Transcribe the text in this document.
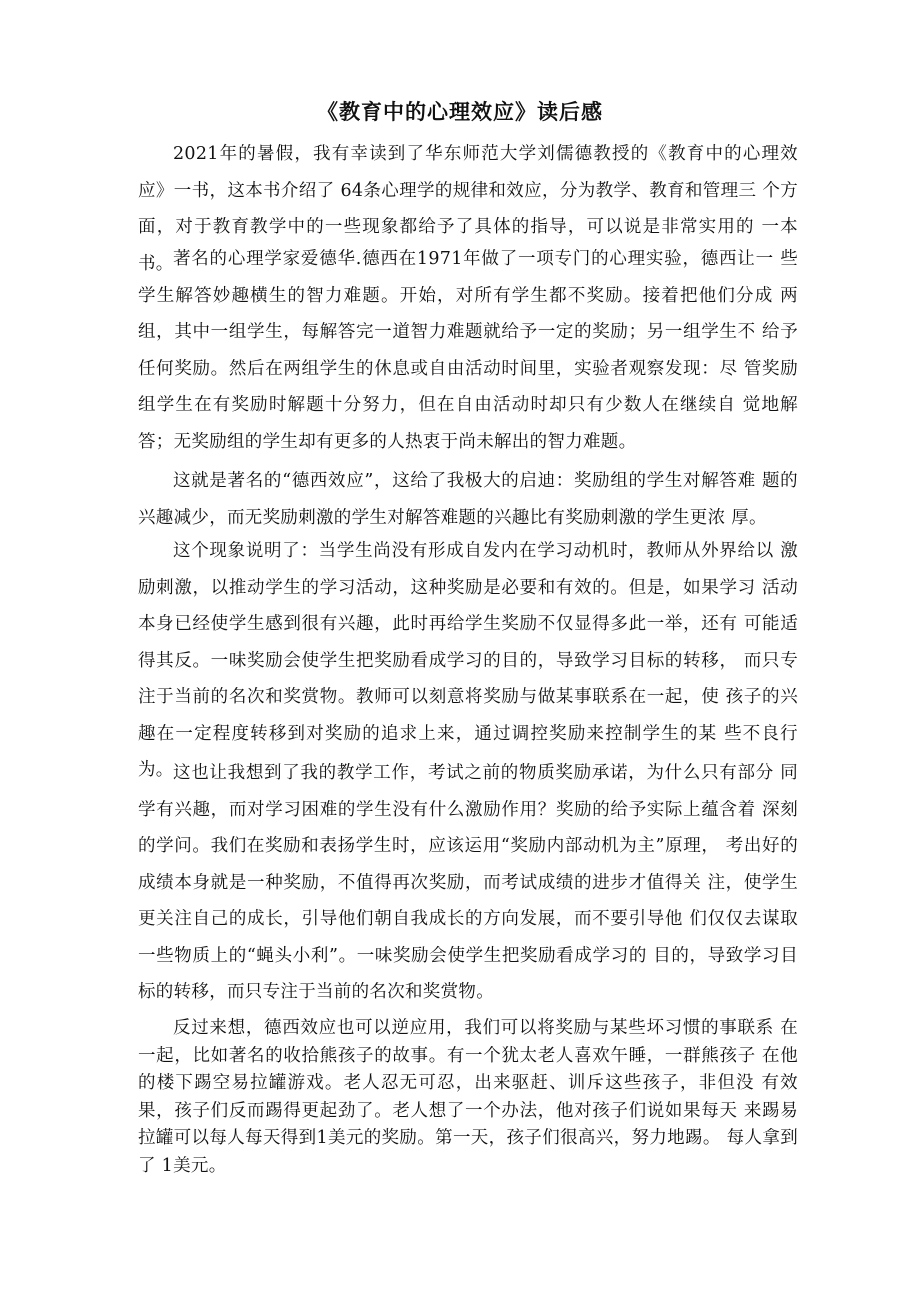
《教育中的心理效应》读后感

2021年的暑假，我有幸读到了华东师范大学刘儒德教授的《教育中的心理效 应》一书，这本书介绍了 64条心理学的规律和效应，分为教学、教育和管理三 个方面，对于教育教学中的一些现象都给予了具体的指导，可以说是非常实用的 一本书。 著名的心理学家爱德华.德西在1971年做了一项专门的心理实验，德西让一 些学生解答妙趣横生的智力难题。开始，对所有学生都不奖励。接着把他们分成 两组，其中一组学生，每解答完一道智力难题就给予一定的奖励；另一组学生不 给予任何奖励。然后在两组学生的休息或自由活动时间里，实验者观察发现：尽 管奖励组学生在有奖励时解题十分努力，但在自由活动时却只有少数人在继续自 觉地解答；无奖励组的学生却有更多的人热衷于尚未解出的智力难题。

这就是著名的“德西效应”，这给了我极大的启迪：奖励组的学生对解答难 题的兴趣减少，而无奖励刺激的学生对解答难题的兴趣比有奖励刺激的学生更浓 厚。

这个现象说明了：当学生尚没有形成自发内在学习动机时，教师从外界给以 激励刺激，以推动学生的学习活动，这种奖励是必要和有效的。但是，如果学习 活动本身已经使学生感到很有兴趣，此时再给学生奖励不仅显得多此一举，还有 可能适得其反。一味奖励会使学生把奖励看成学习的目的，导致学习目标的转移， 而只专注于当前的名次和奖赏物。教师可以刻意将奖励与做某事联系在一起，使 孩子的兴趣在一定程度转移到对奖励的追求上来，通过调控奖励来控制学生的某 些不良行为。 这也让我想到了我的教学工作，考试之前的物质奖励承诺，为什么只有部分 同学有兴趣，而对学习困难的学生没有什么激励作用？奖励的给予实际上蕴含着 深刻的学问。我们在奖励和表扬学生时，应该运用“奖励内部动机为主”原理， 考出好的成绩本身就是一种奖励，不值得再次奖励，而考试成绩的进步才值得关 注，使学生更关注自己的成长，引导他们朝自我成长的方向发展，而不要引导他 们仅仅去谋取一些物质上的“蝇头小利”。一味奖励会使学生把奖励看成学习的 目的，导致学习目标的转移，而只专注于当前的名次和奖赏物。

反过来想，德西效应也可以逆应用，我们可以将奖励与某些坏习惯的事联系 在一起，比如著名的收拾熊孩子的故事。有一个犹太老人喜欢午睡，一群熊孩子 在他的楼下踢空易拉罐游戏。老人忍无可忍，出来驱赶、训斥这些孩子，非但没 有效果，孩子们反而踢得更起劲了。老人想了一个办法，他对孩子们说如果每天 来踢易拉罐可以每人每天得到1美元的奖励。第一天，孩子们很高兴，努力地踢。 每人拿到了 1美元。
